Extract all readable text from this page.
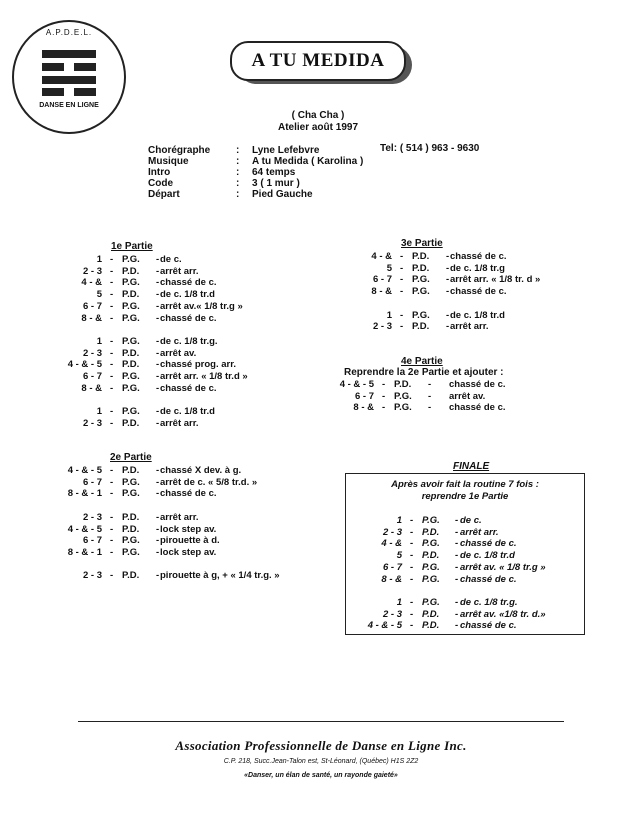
A.P.D.E.L.
DANSE EN LIGNE
A TU MEDIDA
( Cha Cha )
Atelier août 1997
Chorégraphe	:	Lyne Lefebvre
Musique	:	A tu Medida ( Karolina )
Intro	:	64 temps
Code	:	3 ( 1 mur )
Départ	:	Pied Gauche
Tel: ( 514 ) 963 - 9630
1e Partie
1 - P.G. - de c.
2 - 3 - P.D. - arrêt arr.
4 - & - P.G. - chassé de c.
5 - P.D. - de c. 1/8 tr.d
6 - 7 - P.G. - arrêt av.« 1/8 tr.g »
8 - & - P.G. - chassé de c.
1 - P.G. - de c. 1/8 tr.g.
2 - 3 - P.D. - arrêt av.
4 - & - 5 - P.D. - chassé prog. arr.
6 - 7 - P.G. - arrêt arr. « 1/8 tr.d »
8 - & - P.G. - chassé de c.
1 - P.G. - de c. 1/8 tr.d
2 - 3 - P.D. - arrêt arr.
2e Partie
4 - & - 5 - P.D. - chassé X dev. à g.
6 - 7 - P.G. - arrêt de c. « 5/8 tr.d. »
8 - & - 1 - P.G. - chassé de c.
2 - 3 - P.D. - arrêt arr.
4 - & - 5 - P.D. - lock step av.
6 - 7 - P.G. - pirouette à d.
8 - & - 1 - P.G. - lock step av.
2 - 3 - P.D. - pirouette à g, + « 1/4 tr.g. »
3e Partie
4 - & - P.D. - chassé de c.
5 - P.D. - de c. 1/8 tr.g
6 - 7 - P.G. - arrêt arr. « 1/8 tr. d »
8 - & - P.G. - chassé de c.
1 - P.G. - de c. 1/8 tr.d
2 - 3 - P.D. - arrêt arr.
4e Partie
Reprendre la 2e Partie et ajouter :
4 - & - 5 - P.D. - chassé de c.
6 - 7 - P.G. - arrêt av.
8 - & - P.G. - chassé de c.
FINALE
Après avoir fait la routine 7 fois :
reprendre 1e Partie
1 - P.G. - de c.
2 - 3 - P.D. - arrêt arr.
4 - & - P.G. - chassé de c.
5 - P.D. - de c. 1/8 tr.d
6 - 7 - P.G. - arrêt av. « 1/8 tr.g »
8 - & - P.G. - chassé de c.
1 - P.G. - de c. 1/8 tr.g.
2 - 3 - P.D. - arrêt av. «1/8 tr. d.»
4 - & - 5 - P.D. - chassé de c.
Association Professionnelle de Danse en Ligne Inc.
C.P. 218, Succ.Jean-Talon est, St-Léonard, (Québec) H1S 2Z2
«Danser, un élan de santé, un rayonde gaieté»
